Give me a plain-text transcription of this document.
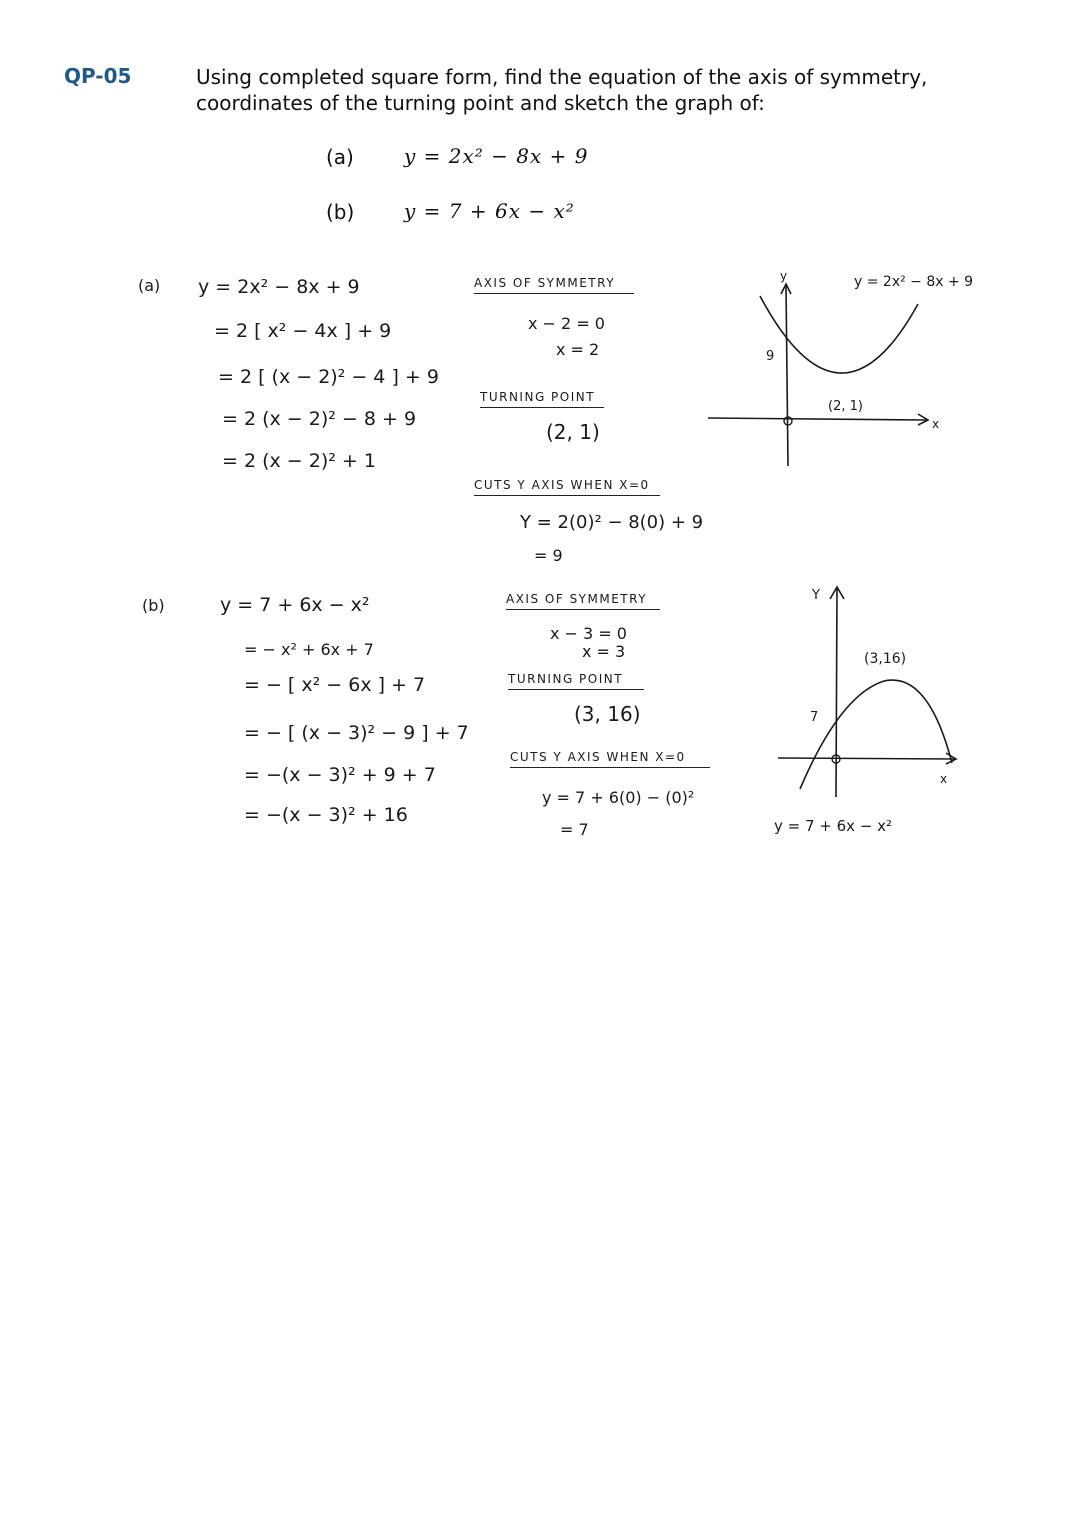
QP-05	Using completed square form, find the equation of the axis of symmetry,
coordinates of the turning point and sketch the graph of:
(a)	y = 2x² − 8x + 9
(b) y = 7 + 6x − x²
(a) y = 2x² − 8x + 9
= 2 [ x² − 4x ] + 9
= 2 [ (x − 2)² − 4 ] + 9
= 2 (x − 2)² − 8 + 9
= 2 (x − 2)² + 1
AXIS OF SYMMETRY
x − 2 = 0
x = 2
TURNING POINT
(2, 1)
CUTS Y AXIS WHEN X=0
Y = 2(0)² − 8(0) + 9
= 9
y
x
9
(2, 1)
y = 2x² − 8x + 9
(b)	y = 7 + 6x − x²
= − x² + 6x + 7
= − [ x² − 6x ] + 7
= − [ (x − 3)² − 9 ] + 7
= −(x − 3)² + 9 + 7
= −(x − 3)² + 16
AXIS OF SYMMETRY
x − 3 = 0
x = 3
TURNING POINT
(3, 16)
CUTS Y AXIS WHEN X=0
y = 7 + 6(0) − (0)²
= 7
Y
x
7
(3,16)
y = 7 + 6x − x²
